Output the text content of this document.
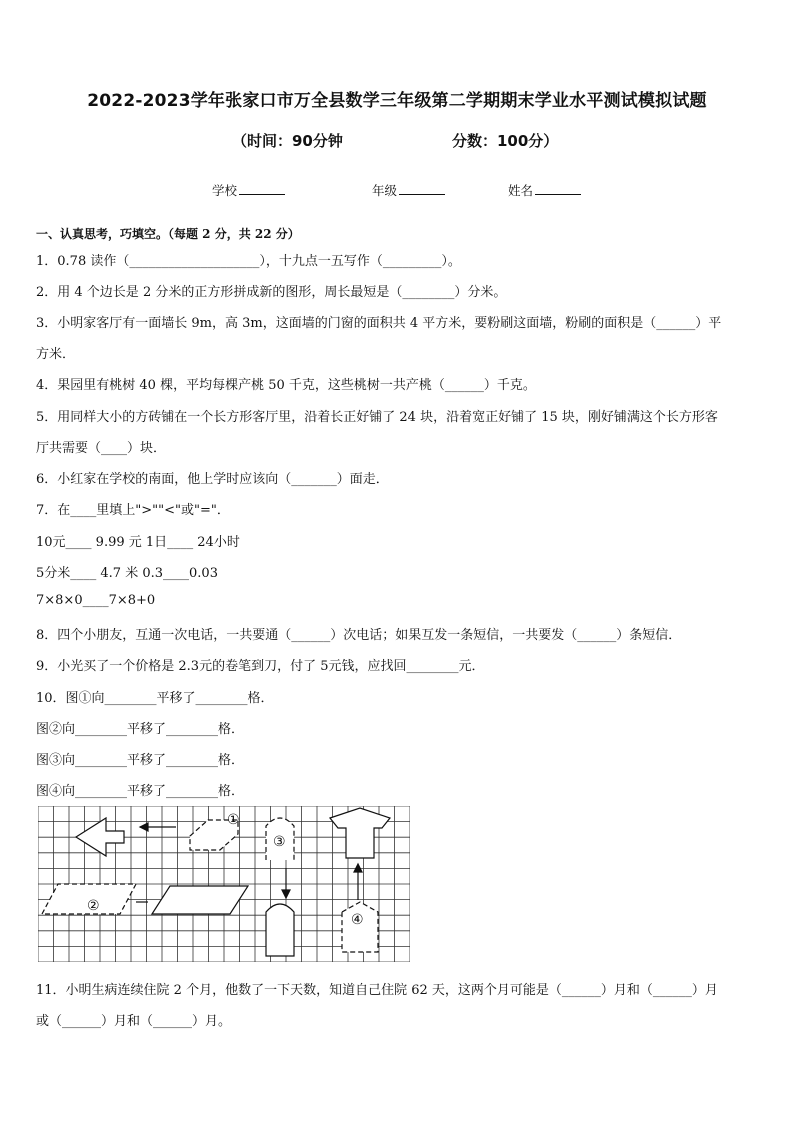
2022-2023学年张家口市万全县数学三年级第二学期期末学业水平测试模拟试题
（时间：90分钟	分数：100分）
学校	年级	姓名
一、认真思考，巧填空。（每题 2 分，共 22 分）
1．0.78 读作（____________________），十九点一五写作（_________）。
2．用 4 个边长是 2 分米的正方形拼成新的图形，周长最短是（________）分米。
3．小明家客厅有一面墙长 9m，高 3m，这面墙的门窗的面积共 4 平方米，要粉刷这面墙，粉刷的面积是（______）平
方米．
4．果园里有桃树 40 棵，平均每棵产桃 50 千克，这些桃树一共产桃（______）千克。
5．用同样大小的方砖铺在一个长方形客厅里，沿着长正好铺了 24 块，沿着宽正好铺了 15 块，刚好铺满这个长方形客
厅共需要（____）块．
6．小红家在学校的南面，他上学时应该向（_______）面走．
7．在____里填上">""<"或"="．
10元____ 9.99 元 1日____ 24小时
5分米____ 4.7 米 0.3____0.03
7×8×0____7×8+0
8．四个小朋友，互通一次电话，一共要通（______）次电话；如果互发一条短信，一共要发（______）条短信．
9．小光买了一个价格是 2.3元的卷笔到刀，付了 5元钱，应找回________元．
10．图①向________平移了________格．
图②向________平移了________格．
图③向________平移了________格．
图④向________平移了________格．
①
②
③
④
11．小明生病连续住院 2 个月，他数了一下天数，知道自己住院 62 天，这两个月可能是（______）月和（______）月
或（______）月和（______）月。
